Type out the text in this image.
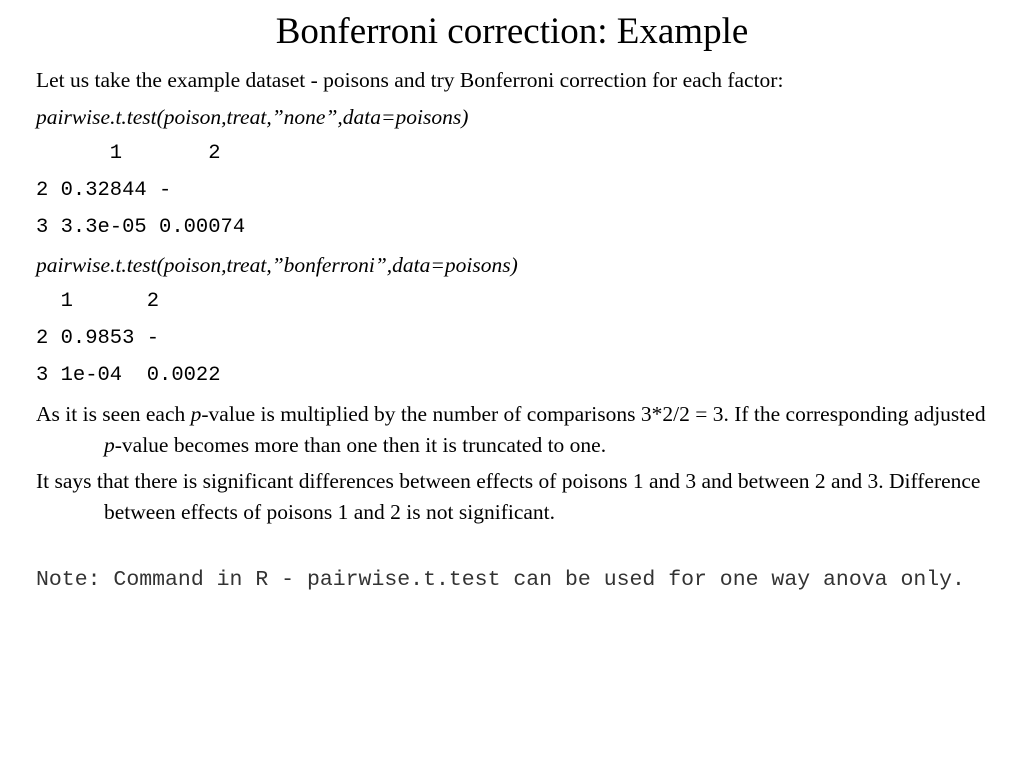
Bonferroni correction: Example
Let us take the example dataset - poisons and try Bonferroni correction for each factor:
pairwise.t.test(poison,treat,”none”,data=poisons)
1       2
2 0.32844 -
3 3.3e-05 0.00074
pairwise.t.test(poison,treat,”bonferroni”,data=poisons)
1      2
2 0.9853 -
3 1e-04  0.0022
As it is seen each p-value is multiplied by the number of comparisons 3*2/2 = 3. If the corresponding adjusted p-value becomes more than one then it is truncated to one.
It says that there is significant differences between effects of poisons 1 and 3 and between 2 and 3. Difference between effects of poisons 1 and 2 is not significant.
Note: Command in R - pairwise.t.test can be used for one way anova only.
